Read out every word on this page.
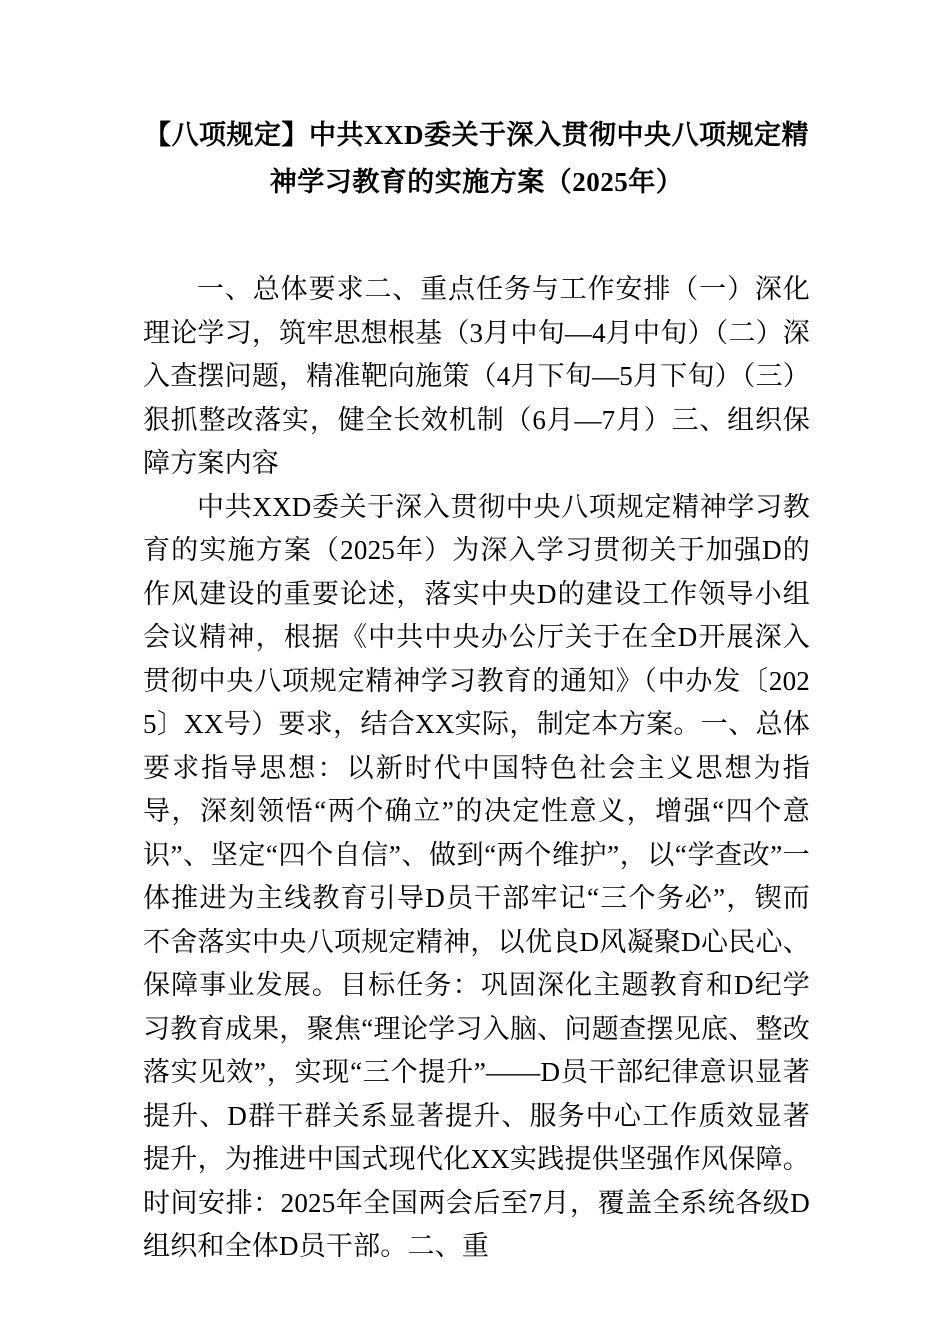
【八项规定】中共XXD委关于深入贯彻中央八项规定精神学习教育的实施方案（2025年）

一、总体要求二、重点任务与工作安排（一）深化理论学习，筑牢思想根基（3月中旬—4月中旬）（二）深入查摆问题，精准靶向施策（4月下旬—5月下旬）（三）狠抓整改落实，健全长效机制（6月—7月）三、组织保障方案内容

中共XXD委关于深入贯彻中央八项规定精神学习教育的实施方案（2025年）为深入学习贯彻关于加强D的作风建设的重要论述，落实中央D的建设工作领导小组会议精神，根据《中共中央办公厅关于在全D开展深入贯彻中央八项规定精神学习教育的通知》（中办发〔2025〕XX号）要求，结合XX实际，制定本方案。一、总体要求指导思想：以新时代中国特色社会主义思想为指导，深刻领悟“两个确立”的决定性意义，增强“四个意识”、坚定“四个自信”、做到“两个维护”，以“学查改”一体推进为主线教育引导D员干部牢记“三个务必”，锲而不舍落实中央八项规定精神，以优良D风凝聚D心民心、保障事业发展。目标任务：巩固深化主题教育和D纪学习教育成果，聚焦“理论学习入脑、问题查摆见底、整改落实见效”，实现“三个提升”——D员干部纪律意识显著提升、D群干群关系显著提升、服务中心工作质效显著提升，为推进中国式现代化XX实践提供坚强作风保障。时间安排：2025年全国两会后至7月，覆盖全系统各级D组织和全体D员干部。二、重
